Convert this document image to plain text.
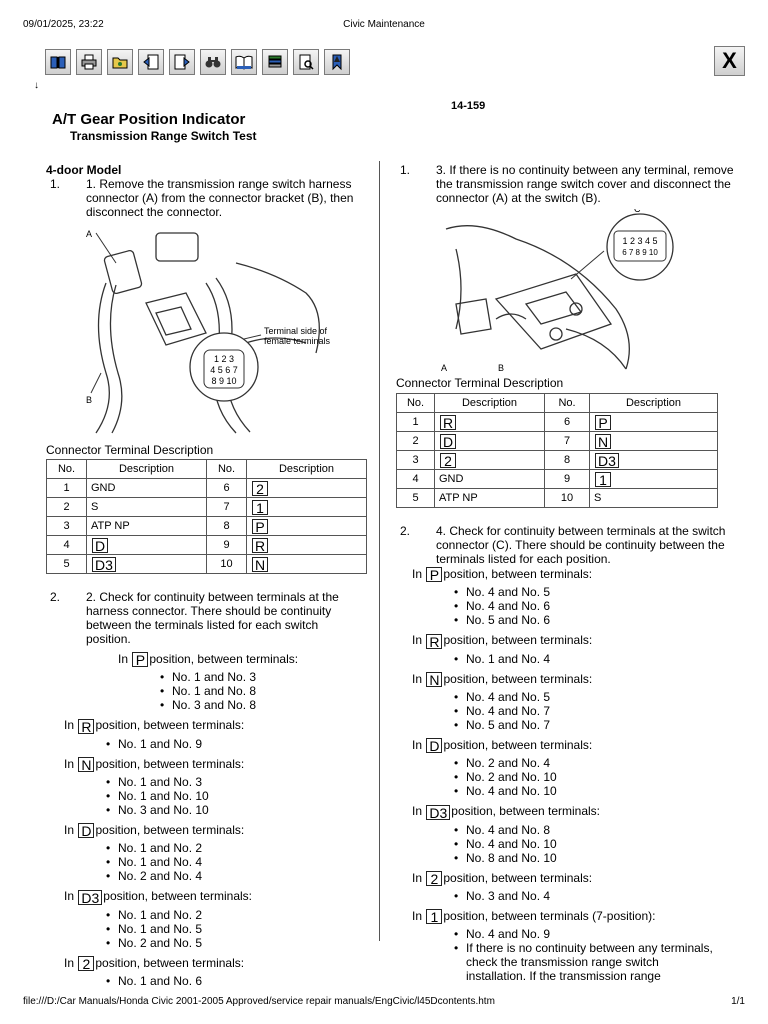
09/01/2025, 23:22	Civic Maintenance
X
↓
14-159
A/T Gear Position Indicator
Transmission Range Switch Test
4-door Model
1.	1. Remove the transmission range switch harness connector (A) from the connector bracket (B), then disconnect the connector.
1 2 3
4 5 6 7
8 9 10
A
B
Terminal side of female terminals
Connector Terminal Description
No.	Description	No.	Description
1	GND	6	2
2	S	7	1
3	ATP NP	8	P
4	D	9	R
5	D3	10	N
2.	2. Check for continuity between terminals at the harness connector. There should be continuity between the terminals listed for each switch position.
In P position, between terminals:
• No. 1 and No. 3
• No. 1 and No. 8
• No. 3 and No. 8
In R position, between terminals:
• No. 1 and No. 9
In N position, between terminals:
• No. 1 and No. 3
• No. 1 and No. 10
• No. 3 and No. 10
In D position, between terminals:
• No. 1 and No. 2
• No. 1 and No. 4
• No. 2 and No. 4
In D3 position, between terminals:
• No. 1 and No. 2
• No. 1 and No. 5
• No. 2 and No. 5
In 2 position, between terminals:
• No. 1 and No. 6
1.	3. If there is no continuity between any terminal, remove the transmission range switch cover and disconnect the connector (A) at the switch (B).
1 2 3 4 5
6 7 8 9 10
C
A	B
Connector Terminal Description
No.	Description	No.	Description
1	R	6	P
2	D	7	N
3	2	8	D3
4	GND	9	1
5	ATP NP	10	S
2.	4. Check for continuity between terminals at the switch connector (C). There should be continuity between the terminals listed for each position.
In P position, between terminals:
• No. 4 and No. 5
• No. 4 and No. 6
• No. 5 and No. 6
In R position, between terminals:
• No. 1 and No. 4
In N position, between terminals:
• No. 4 and No. 5
• No. 4 and No. 7
• No. 5 and No. 7
In D position, between terminals:
• No. 2 and No. 4
• No. 2 and No. 10
• No. 4 and No. 10
In D3 position, between terminals:
• No. 4 and No. 8
• No. 4 and No. 10
• No. 8 and No. 10
In 2 position, between terminals:
• No. 3 and No. 4
In 1 position, between terminals (7-position):
• No. 4 and No. 9
• If there is no continuity between any terminals, check the transmission range switch installation. If the transmission range
file:///D:/Car Manuals/Honda Civic 2001-2005 Approved/service repair manuals/EngCivic/l45Dcontents.htm	1/1
